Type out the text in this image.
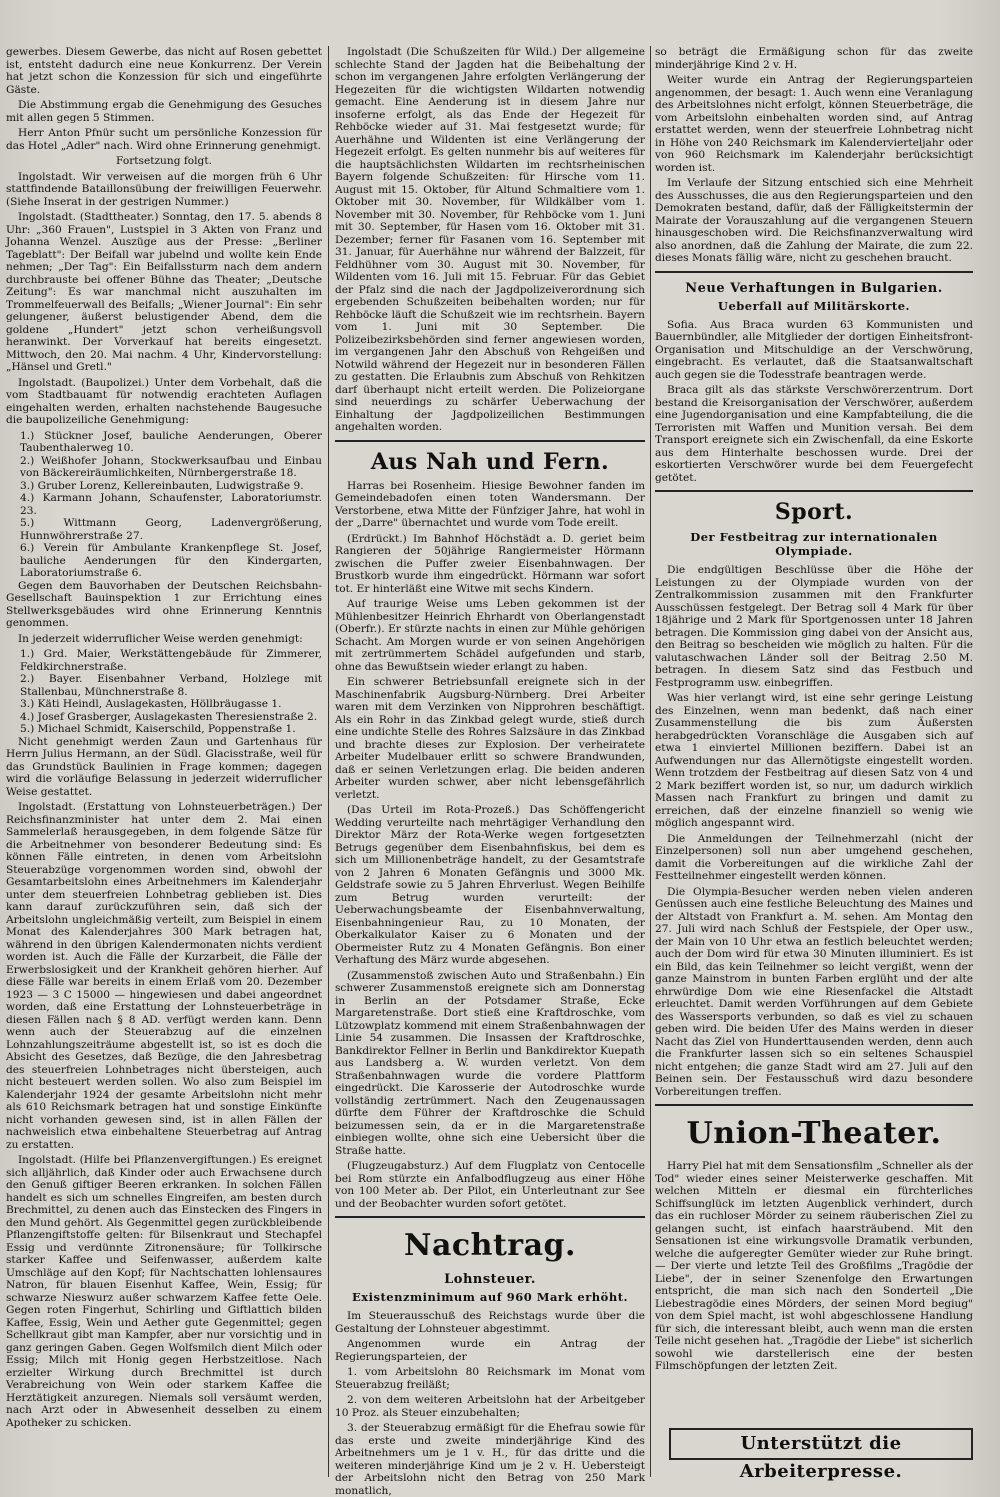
gewerbes. Diesem Gewerbe, das nicht auf Rosen gebettet ist, entsteht dadurch eine neue Konkurrenz. Der Verein hat jetzt schon die Konzession für sich und eingeführte Gäste.

Die Abstimmung ergab die Genehmigung des Gesuches mit allen gegen 5 Stimmen.

Herr Anton Pfnür sucht um persönliche Konzession für das Hotel „Adler" nach. Wird ohne Erinnerung genehmigt.

Fortsetzung folgt.

Ingolstadt. Wir verweisen auf die morgen früh 6 Uhr stattfindende Bataillonsübung der freiwilligen Feuerwehr. (Siehe Inserat in der gestrigen Nummer.)

Ingolstadt. (Stadttheater.) Sonntag, den 17. 5. abends 8 Uhr: „360 Frauen", Lustspiel in 3 Akten von Franz und Johanna Wenzel. Auszüge aus der Presse: „Berliner Tageblatt": Der Beifall war jubelnd und wollte kein Ende nehmen; „Der Tag": Ein Beifallssturm nach dem andern durchbrauste bei offener Bühne das Theater; „Deutsche Zeitung": Es war manchmal nicht auszuhalten im Trommelfeuerwall des Beifalls; „Wiener Journal": Ein sehr gelungener, äußerst belustigender Abend, dem die goldene „Hundert" jetzt schon verheißungsvoll heranwinkt. Der Vorverkauf hat bereits eingesetzt. Mittwoch, den 20. Mai nachm. 4 Uhr, Kindervorstellung: „Hänsel und Gretl."

Ingolstadt. (Baupolizei.) Unter dem Vorbehalt, daß die vom Stadtbauamt für notwendig erachteten Auflagen eingehalten werden, erhalten nachstehende Baugesuche die baupolizeiliche Genehmigung:

1.) Stückner Josef, bauliche Aenderungen, Oberer Taubenthalerweg 10.

2.) Weißhofer Johann, Stockwerksaufbau und Einbau von Bäckereiräumlichkeiten, Nürnbergerstraße 18.

3.) Gruber Lorenz, Kellereinbauten, Ludwigstraße 9.

4.) Karmann Johann, Schaufenster, Laboratoriumstr. 23.

5.) Wittmann Georg, Ladenvergrößerung, Hunnwöhrerstraße 27.

6.) Verein für Ambulante Krankenpflege St. Josef, bauliche Aenderungen für den Kindergarten, Laboratoriumstraße 6.

Gegen dem Bauvorhaben der Deutschen Reichsbahn-Gesellschaft Bauinspektion 1 zur Errichtung eines Stellwerksgebäudes wird ohne Erinnerung Kenntnis genommen.

In jederzeit widerruflicher Weise werden genehmigt:

1.) Grd. Maier, Werkstättengebäude für Zimmerer, Feldkirchnerstraße.

2.) Bayer. Eisenbahner Verband, Holzlege mit Stallenbau, Münchnerstraße 8.

3.) Käti Heindl, Auslagekasten, Höllbräugasse 1.

4.) Josef Grasberger, Auslagekasten Theresienstraße 2.

5.) Michael Schmidt, Kaiserschild, Poppenstraße 1.

Nicht genehmigt werden Zaun und Gartenhaus für Herrn Julius Hermann, an der Südl. Glacisstraße, weil für das Grundstück Baulinien in Frage kommen; dagegen wird die vorläufige Belassung in jederzeit widerruflicher Weise gestattet.

Ingolstadt. (Erstattung von Lohnsteuerbeträgen.) Der Reichsfinanzminister hat unter dem 2. Mai einen Sammelerlaß herausgegeben, in dem folgende Sätze für die Arbeitnehmer von besonderer Bedeutung sind: Es können Fälle eintreten, in denen vom Arbeitslohn Steuerabzüge vorgenommen worden sind, obwohl der Gesamtarbeitslohn eines Arbeitnehmers im Kalenderjahr unter dem steuerfreien Lohnbetrag geblieben ist. Dies kann darauf zurückzuführen sein, daß sich der Arbeitslohn ungleichmäßig verteilt, zum Beispiel in einem Monat des Kalenderjahres 300 Mark betragen hat, während in den übrigen Kalendermonaten nichts verdient worden ist. Auch die Fälle der Kurzarbeit, die Fälle der Erwerbslosigkeit und der Krankheit gehören hierher. Auf diese Fälle war bereits in einem Erlaß vom 20. Dezember 1923 — 3 C 15000 — hingewiesen und dabei angeordnet worden, daß eine Erstattung der Lohnsteuerbeträge in diesen Fällen nach § 8 AD. verfügt werden kann. Denn wenn auch der Steuerabzug auf die einzelnen Lohnzahlungszeiträume abgestellt ist, so ist es doch die Absicht des Gesetzes, daß Bezüge, die den Jahresbetrag des steuerfreien Lohnbetrages nicht übersteigen, auch nicht besteuert werden sollen. Wo also zum Beispiel im Kalenderjahr 1924 der gesamte Arbeitslohn nicht mehr als 610 Reichsmark betragen hat und sonstige Einkünfte nicht vorhanden gewesen sind, ist in allen Fällen der nachweislich etwa einbehaltene Steuerbetrag auf Antrag zu erstatten.

Ingolstadt. (Hilfe bei Pflanzenvergiftungen.) Es ereignet sich alljährlich, daß Kinder oder auch Erwachsene durch den Genuß giftiger Beeren erkranken. In solchen Fällen handelt es sich um schnelles Eingreifen, am besten durch Brechmittel, zu denen auch das Einstecken des Fingers in den Mund gehört. Als Gegenmittel gegen zurückbleibende Pflanzengiftstoffe gelten: für Bilsenkraut und Stechapfel Essig und verdünnte Zitronensäure; für Tollkirsche starker Kaffee und Seifenwasser, außerdem kalte Umschläge auf den Kopf; für Nachtschatten lohlensaures Natron, für blauen Eisenhut Kaffee, Wein, Essig; für schwarze Nieswurz außer schwarzem Kaffee fette Oele. Gegen roten Fingerhut, Schirling und Giftlattich bilden Kaffee, Essig, Wein und Aether gute Gegenmittel; gegen Schellkraut gibt man Kampfer, aber nur vorsichtig und in ganz geringen Gaben. Gegen Wolfsmilch dient Milch oder Essig; Milch mit Honig gegen Herbstzeitlose. Nach erzielter Wirkung durch Brechmittel ist durch Verabreichung von Wein oder starkem Kaffee die Herztätigkeit anzuregen. Niemals soll versäumt werden, nach Arzt oder in Abwesenheit desselben zu einem Apotheker zu schicken.

Ingolstadt (Die Schußzeiten für Wild.) Der allgemeine schlechte Stand der Jagden hat die Beibehaltung der schon im vergangenen Jahre erfolgten Verlängerung der Hegezeiten für die wichtigsten Wildarten notwendig gemacht. Eine Aenderung ist in diesem Jahre nur insoferne erfolgt, als das Ende der Hegezeit für Rehböcke wieder auf 31. Mai festgesetzt wurde; für Auerhähne und Wildenten ist eine Verlängerung der Hegezeit erfolgt. Es gelten nunmehr bis auf weiteres für die hauptsächlichsten Wildarten im rechtsrheinischen Bayern folgende Schußzeiten: für Hirsche vom 11. August mit 15. Oktober, für Altund Schmaltiere vom 1. Oktober mit 30. November, für Wildkälber vom 1. November mit 30. November, für Rehböcke vom 1. Juni mit 30. September, für Hasen vom 16. Oktober mit 31. Dezember; ferner für Fasanen vom 16. September mit 31. Januar, für Auerhähne nur während der Balzzeit, für Feldhühner vom 30. August mit 30. November, für Wildenten vom 16. Juli mit 15. Februar. Für das Gebiet der Pfalz sind die nach der Jagdpolizeiverordnung sich ergebenden Schußzeiten beibehalten worden; nur für Rehböcke läuft die Schußzeit wie im rechtsrhein. Bayern vom 1. Juni mit 30 September. Die Polizeibezirksbehörden sind ferner angewiesen worden, im vergangenen Jahr den Abschuß von Rehgeißen und Notwild während der Hegezeit nur in besonderen Fällen zu gestatten. Die Erlaubnis zum Abschuß von Rehkitzen darf überhaupt nicht erteilt werden. Die Polizeiorgane sind neuerdings zu schärfer Ueberwachung der Einhaltung der Jagdpolizeilichen Bestimmungen angehalten worden.

Aus Nah und Fern.

Harras bei Rosenheim. Hiesige Bewohner fanden im Gemeindebadofen einen toten Wandersmann. Der Verstorbene, etwa Mitte der Fünfziger Jahre, hat wohl in der „Darre" übernachtet und wurde vom Tode ereilt.

(Erdrückt.) Im Bahnhof Höchstädt a. D. geriet beim Rangieren der 50jährige Rangiermeister Hörmann zwischen die Puffer zweier Eisenbahnwagen. Der Brustkorb wurde ihm eingedrückt. Hörmann war sofort tot. Er hinterläßt eine Witwe mit sechs Kindern.

Auf traurige Weise ums Leben gekommen ist der Mühlenbesitzer Heinrich Ehrhardt von Oberlangenstadt (Oberfr.). Er stürzte nachts in einen zur Mühle gehörigen Schacht. Am Morgen wurde er von seinen Angehörigen mit zertrümmertem Schädel aufgefunden und starb, ohne das Bewußtsein wieder erlangt zu haben.

Ein schwerer Betriebsunfall ereignete sich in der Maschinenfabrik Augsburg-Nürnberg. Drei Arbeiter waren mit dem Verzinken von Nipprohren beschäftigt. Als ein Rohr in das Zinkbad gelegt wurde, stieß durch eine undichte Stelle des Rohres Salzsäure in das Zinkbad und brachte dieses zur Explosion. Der verheiratete Arbeiter Mudelbauer erlitt so schwere Brandwunden, daß er seinen Verletzungen erlag. Die beiden anderen Arbeiter wurden schwer, aber nicht lebensgefährlich verletzt.

(Das Urteil im Rota-Prozeß.) Das Schöffengericht Wedding verurteilte nach mehrtägiger Verhandlung den Direktor März der Rota-Werke wegen fortgesetzten Betrugs gegenüber dem Eisenbahnfiskus, bei dem es sich um Millionenbeträge handelt, zu der Gesamtstrafe von 2 Jahren 6 Monaten Gefängnis und 3000 Mk. Geldstrafe sowie zu 5 Jahren Ehrverlust. Wegen Beihilfe zum Betrug wurden verurteilt: der Ueberwachungsbeamte der Eisenbahnverwaltung, Eisenbahningenieur Rau, zu 10 Monaten, der Oberkalkulator Kaiser zu 6 Monaten und der Obermeister Rutz zu 4 Monaten Gefängnis. Bon einer Verhaftung des März wurde abgesehen.

(Zusammenstoß zwischen Auto und Straßenbahn.) Ein schwerer Zusammenstoß ereignete sich am Donnerstag in Berlin an der Potsdamer Straße, Ecke Margaretenstraße. Dort stieß eine Kraftdroschke, vom Lützowplatz kommend mit einem Straßenbahnwagen der Linie 54 zusammen. Die Insassen der Kraftdroschke, Bankdirektor Fellner in Berlin und Bankdirektor Kuepath aus Landsberg a. W. wurden verletzt. Von dem Straßenbahnwagen wurde die vordere Plattform eingedrückt. Die Karosserie der Autodroschke wurde vollständig zertrümmert. Nach den Zeugenaussagen dürfte dem Führer der Kraftdroschke die Schuld beizumessen sein, da er in die Margaretenstraße einbiegen wollte, ohne sich eine Uebersicht über die Straße hatte.

(Flugzeugabsturz.) Auf dem Flugplatz von Centocelle bei Rom stürzte ein Anfalbodflugzeug aus einer Höhe von 100 Meter ab. Der Pilot, ein Unterleutnant zur See und der Beobachter wurden sofort getötet.

Nachtrag.
Lohnsteuer.
Existenzminimum auf 960 Mark erhöht.

Im Steuerausschuß des Reichstags wurde über die Gestaltung der Lohnsteuer abgestimmt.

Angenommen wurde ein Antrag der Regierungsparteien, der

1. vom Arbeitslohn 80 Reichsmark im Monat vom Steuerabzug freiläßt;

2. von dem weiteren Arbeitslohn hat der Arbeitgeber 10 Proz. als Steuer einzubehalten;

3. der Steuerabzug ermäßigt für die Ehefrau sowie für das erste und zweite minderjährige Kind des Arbeitnehmers um je 1 v. H., für das dritte und die weiteren minderjährige Kind um je 2 v. H. Uebersteigt der Arbeitslohn nicht den Betrag von 250 Mark monatlich,

so beträgt die Ermäßigung schon für das zweite minderjährige Kind 2 v. H.

Weiter wurde ein Antrag der Regierungsparteien angenommen, der besagt: 1. Auch wenn eine Veranlagung des Arbeitslohnes nicht erfolgt, können Steuerbeträge, die vom Arbeitslohn einbehalten worden sind, auf Antrag erstattet werden, wenn der steuerfreie Lohnbetrag nicht in Höhe von 240 Reichsmark im Kalendervierteljahr oder von 960 Reichsmark im Kalenderjahr berücksichtigt worden ist.

Im Verlaufe der Sitzung entschied sich eine Mehrheit des Ausschusses, die aus den Regierungsparteien und den Demokraten bestand, dafür, daß der Fälligkeitstermin der Mairate der Vorauszahlung auf die vergangenen Steuern hinausgeschoben wird. Die Reichsfinanzverwaltung wird also anordnen, daß die Zahlung der Mairate, die zum 22. dieses Monats fällig wäre, nicht zu geschehen braucht.

Neue Verhaftungen in Bulgarien.
Ueberfall auf Militärskorte.

Sofia. Aus Braca wurden 63 Kommunisten und Bauernbündler, alle Mitglieder der dortigen Einheitsfront-Organisation und Mitschuldige an der Verschwörung, eingebracht. Es verlautet, daß die Staatsanwaltschaft auch gegen sie die Todesstrafe beantragen werde.

Braca gilt als das stärkste Verschwörerzentrum. Dort bestand die Kreisorganisation der Verschwörer, außerdem eine Jugendorganisation und eine Kampfabteilung, die die Terroristen mit Waffen und Munition versah. Bei dem Transport ereignete sich ein Zwischenfall, da eine Eskorte aus dem Hinterhalte beschossen wurde. Drei der eskortierten Verschwörer wurde bei dem Feuergefecht getötet.

Sport.
Der Festbeitrag zur internationalen Olympiade.

Die endgültigen Beschlüsse über die Höhe der Leistungen zu der Olympiade wurden von der Zentralkommission zusammen mit den Frankfurter Ausschüssen festgelegt. Der Betrag soll 4 Mark für über 18jährige und 2 Mark für Sportgenossen unter 18 Jahren betragen. Die Kommission ging dabei von der Ansicht aus, den Beitrag so bescheiden wie möglich zu halten. Für die valutaschwachen Länder soll der Beitrag 2.50 M. betragen. In diesem Satz sind das Festbuch und Festprogramm usw. einbegriffen.

Was hier verlangt wird, ist eine sehr geringe Leistung des Einzelnen, wenn man bedenkt, daß nach einer Zusammenstellung die bis zum Äußersten herabgedrückten Voranschläge die Ausgaben sich auf etwa 1 einviertel Millionen beziffern. Dabei ist an Aufwendungen nur das Allernötigste eingestellt worden. Wenn trotzdem der Festbeitrag auf diesen Satz von 4 und 2 Mark beziffert worden ist, so nur, um dadurch wirklich Massen nach Frankfurt zu bringen und damit zu erreichen, daß der einzelne finanziell so wenig wie möglich angespannt wird.

Die Anmeldungen der Teilnehmerzahl (nicht der Einzelpersonen) soll nun aber umgehend geschehen, damit die Vorbereitungen auf die wirkliche Zahl der Festteilnehmer eingestellt werden können.

Die Olympia-Besucher werden neben vielen anderen Genüssen auch eine festliche Beleuchtung des Maines und der Altstadt von Frankfurt a. M. sehen. Am Montag den 27. Juli wird nach Schluß der Festspiele, der Oper usw., der Main von 10 Uhr etwa an festlich beleuchtet werden; auch der Dom wird für etwa 30 Minuten illuminiert. Es ist ein Bild, das kein Teilnehmer so leicht vergißt, wenn der ganze Mainstrom in bunten Farben erglüht und der alte ehrwürdige Dom wie eine Riesenfackel die Altstadt erleuchtet. Damit werden Vorführungen auf dem Gebiete des Wassersports verbunden, so daß es viel zu schauen geben wird. Die beiden Ufer des Mains werden in dieser Nacht das Ziel von Hunderttausenden werden, denn auch die Frankfurter lassen sich so ein seltenes Schauspiel nicht entgehen; die ganze Stadt wird am 27. Juli auf den Beinen sein. Der Festausschuß wird dazu besondere Vorbereitungen treffen.

Union-Theater.

Harry Piel hat mit dem Sensationsfilm „Schneller als der Tod" wieder eines seiner Meisterwerke geschaffen. Mit welchen Mitteln er diesmal ein fürchterliches Schiffsunglück im letzten Augenblick verhindert, durch das ein ruchloser Mörder zu seinem räuberischen Ziel zu gelangen sucht, ist einfach haarsträubend. Mit den Sensationen ist eine wirkungsvolle Dramatik verbunden, welche die aufgeregter Gemüter wieder zur Ruhe bringt. — Der vierte und letzte Teil des Großfilms „Tragödie der Liebe", der in seiner Szenenfolge den Erwartungen entspricht, die man sich nach den Sonderteil „Die Liebestragödie eines Mörders, der seinen Mord begiug" von dem Spiel macht, ist wohl abgeschlossene Handlung für sich, die interessant bleibt, auch wenn man die ersten Teile nicht gesehen hat. „Tragödie der Liebe" ist sicherlich sowohl wie darstellerisch eine der besten Filmschöpfungen der letzten Zeit.

Unterstützt die Arbeiterpresse.
